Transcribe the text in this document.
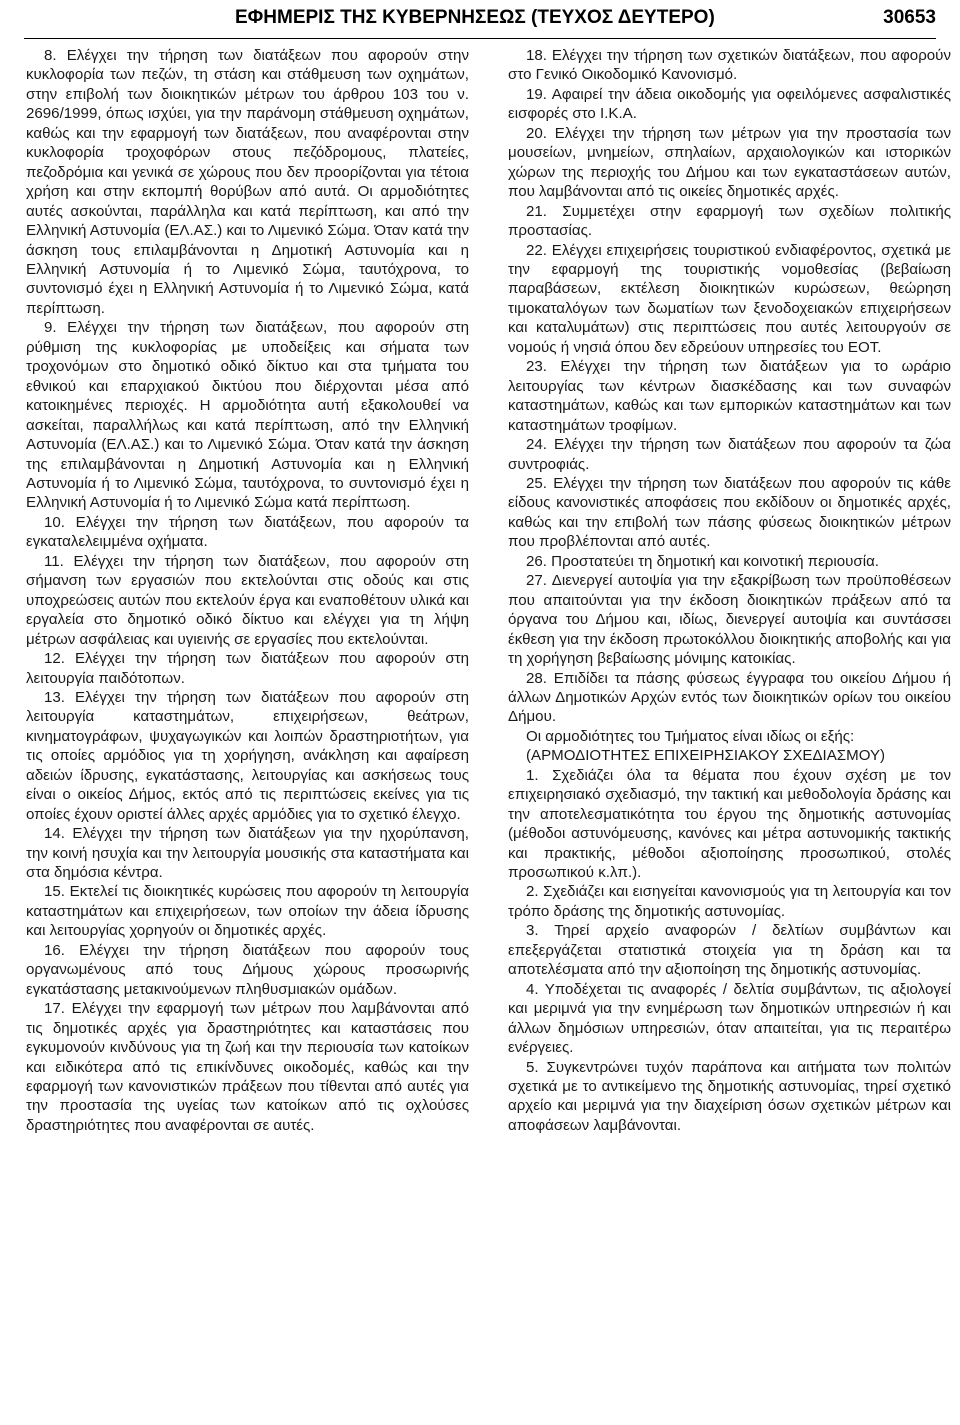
ΕΦΗΜΕΡΙΣ ΤΗΣ ΚΥΒΕΡΝΗΣΕΩΣ (ΤΕΥΧΟΣ ΔΕΥΤΕΡΟ)	30653

8. Ελέγχει την τήρηση των διατάξεων που αφορούν στην κυκλοφορία των πεζών, τη στάση και στάθμευση των οχημάτων, στην επιβολή των διοικητικών μέτρων του άρθρου 103 του ν. 2696/1999, όπως ισχύει, για την παράνομη στάθμευση οχημάτων, καθώς και την εφαρμογή των διατάξεων, που αναφέρονται στην κυκλοφορία τροχοφόρων στους πεζόδρομους, πλατείες, πεζοδρόμια και γενικά σε χώρους που δεν προορίζονται για τέτοια χρήση και στην εκπομπή θορύβων από αυτά. Οι αρμοδιότητες αυτές ασκούνται, παράλληλα και κατά περίπτωση, και από την Ελληνική Αστυνομία (ΕΛ.ΑΣ.) και το Λιμενικό Σώμα. Όταν κατά την άσκηση τους επιλαμβάνονται η Δημοτική Αστυνομία και η Ελληνική Αστυνομία ή το Λιμενικό Σώμα, ταυτόχρονα, το συντονισμό έχει η Ελληνική Αστυνομία ή το Λιμενικό Σώμα, κατά περίπτωση.

9. Ελέγχει την τήρηση των διατάξεων, που αφορούν στη ρύθμιση της κυκλοφορίας με υποδείξεις και σήματα των τροχονόμων στο δημοτικό οδικό δίκτυο και στα τμήματα του εθνικού και επαρχιακού δικτύου που διέρχονται μέσα από κατοικημένες περιοχές. Η αρμοδιότητα αυτή εξακολουθεί να ασκείται, παραλλήλως και κατά περίπτωση, από την Ελληνική Αστυνομία (ΕΛ.ΑΣ.) και το Λιμενικό Σώμα. Όταν κατά την άσκηση της επιλαμβάνονται η Δημοτική Αστυνομία και η Ελληνική Αστυνομία ή το Λιμενικό Σώμα, ταυτόχρονα, το συντονισμό έχει η Ελληνική Αστυνομία ή το Λιμενικό Σώμα κατά περίπτωση.

10. Ελέγχει την τήρηση των διατάξεων, που αφορούν τα εγκαταλελειμμένα οχήματα.

11. Ελέγχει την τήρηση των διατάξεων, που αφορούν στη σήμανση των εργασιών που εκτελούνται στις οδούς και στις υποχρεώσεις αυτών που εκτελούν έργα και εναποθέτουν υλικά και εργαλεία στο δημοτικό οδικό δίκτυο και ελέγχει για τη λήψη μέτρων ασφάλειας και υγιεινής σε εργασίες που εκτελούνται.

12. Ελέγχει την τήρηση των διατάξεων που αφορούν στη λειτουργία παιδότοπων.

13. Ελέγχει την τήρηση των διατάξεων που αφορούν στη λειτουργία καταστημάτων, επιχειρήσεων, θεάτρων, κινηματογράφων, ψυχαγωγικών και λοιπών δραστηριοτήτων, για τις οποίες αρμόδιος για τη χορήγηση, ανάκληση και αφαίρεση αδειών ίδρυσης, εγκατάστασης, λειτουργίας και ασκήσεως τους είναι ο οικείος Δήμος, εκτός από τις περιπτώσεις εκείνες για τις οποίες έχουν οριστεί άλλες αρχές αρμόδιες για το σχετικό έλεγχο.

14. Ελέγχει την τήρηση των διατάξεων για την ηχορύπανση, την κοινή ησυχία και την λειτουργία μουσικής στα καταστήματα και στα δημόσια κέντρα.

15. Εκτελεί τις διοικητικές κυρώσεις που αφορούν τη λειτουργία καταστημάτων και επιχειρήσεων, των οποίων την άδεια ίδρυσης και λειτουργίας χορηγούν οι δημοτικές αρχές.

16. Ελέγχει την τήρηση διατάξεων που αφορούν τους οργανωμένους από τους Δήμους χώρους προσωρινής εγκατάστασης μετακινούμενων πληθυσμιακών ομάδων.

17. Ελέγχει την εφαρμογή των μέτρων που λαμβάνονται από τις δημοτικές αρχές για δραστηριότητες και καταστάσεις που εγκυμονούν κινδύνους για τη ζωή και την περιουσία των κατοίκων και ειδικότερα από τις επικίνδυνες οικοδομές, καθώς και την εφαρμογή των κανονιστικών πράξεων που τίθενται από αυτές για την προστασία της υγείας των κατοίκων από τις οχλούσες δραστηριότητες που αναφέρονται σε αυτές.

18. Ελέγχει την τήρηση των σχετικών διατάξεων, που αφορούν στο Γενικό Οικοδομικό Κανονισμό.

19. Αφαιρεί την άδεια οικοδομής για οφειλόμενες ασφαλιστικές εισφορές στο Ι.Κ.Α.

20. Ελέγχει την τήρηση των μέτρων για την προστασία των μουσείων, μνημείων, σπηλαίων, αρχαιολογικών και ιστορικών χώρων της περιοχής του Δήμου και των εγκαταστάσεων αυτών, που λαμβάνονται από τις οικείες δημοτικές αρχές.

21. Συμμετέχει στην εφαρμογή των σχεδίων πολιτικής προστασίας.

22. Ελέγχει επιχειρήσεις τουριστικού ενδιαφέροντος, σχετικά με την εφαρμογή της τουριστικής νομοθεσίας (βεβαίωση παραβάσεων, εκτέλεση διοικητικών κυρώσεων, θεώρηση τιμοκαταλόγων των δωματίων των ξενοδοχειακών επιχειρήσεων και καταλυμάτων) στις περιπτώσεις που αυτές λειτουργούν σε νομούς ή νησιά όπου δεν εδρεύουν υπηρεσίες του ΕΟΤ.

23. Ελέγχει την τήρηση των διατάξεων για το ωράριο λειτουργίας των κέντρων διασκέδασης και των συναφών καταστημάτων, καθώς και των εμπορικών καταστημάτων και των καταστημάτων τροφίμων.

24. Ελέγχει την τήρηση των διατάξεων που αφορούν τα ζώα συντροφιάς.

25. Ελέγχει την τήρηση των διατάξεων που αφορούν τις κάθε είδους κανονιστικές αποφάσεις που εκδίδουν οι δημοτικές αρχές, καθώς και την επιβολή των πάσης φύσεως διοικητικών μέτρων που προβλέπονται από αυτές.

26. Προστατεύει τη δημοτική και κοινοτική περιουσία.

27. Διενεργεί αυτοψία για την εξακρίβωση των προϋποθέσεων που απαιτούνται για την έκδοση διοικητικών πράξεων από τα όργανα του Δήμου και, ιδίως, διενεργεί αυτοψία και συντάσσει έκθεση για την έκδοση πρωτοκόλλου διοικητικής αποβολής και για τη χορήγηση βεβαίωσης μόνιμης κατοικίας.

28. Επιδίδει τα πάσης φύσεως έγγραφα του οικείου Δήμου ή άλλων Δημοτικών Αρχών εντός των διοικητικών ορίων του οικείου Δήμου.

Οι αρμοδιότητες του Τμήματος είναι ιδίως οι εξής:

(ΑΡΜΟΔΙΟΤΗΤΕΣ ΕΠΙΧΕΙΡΗΣΙΑΚΟΥ ΣΧΕΔΙΑΣΜΟΥ)

1. Σχεδιάζει όλα τα θέματα που έχουν σχέση με τον επιχειρησιακό σχεδιασμό, την τακτική και μεθοδολογία δράσης και την αποτελεσματικότητα του έργου της δημοτικής αστυνομίας (μέθοδοι αστυνόμευσης, κανόνες και μέτρα αστυνομικής τακτικής και πρακτικής, μέθοδοι αξιοποίησης προσωπικού, στολές προσωπικού κ.λπ.).

2. Σχεδιάζει και εισηγείται κανονισμούς για τη λειτουργία και τον τρόπο δράσης της δημοτικής αστυνομίας.

3. Τηρεί αρχείο αναφορών / δελτίων συμβάντων και επεξεργάζεται στατιστικά στοιχεία για τη δράση και τα αποτελέσματα από την αξιοποίηση της δημοτικής αστυνομίας.

4. Υποδέχεται τις αναφορές / δελτία συμβάντων, τις αξιολογεί και μεριμνά για την ενημέρωση των δημοτικών υπηρεσιών ή και άλλων δημόσιων υπηρεσιών, όταν απαιτείται, για τις περαιτέρω ενέργειες.

5. Συγκεντρώνει τυχόν παράπονα και αιτήματα των πολιτών σχετικά με το αντικείμενο της δημοτικής αστυνομίας, τηρεί σχετικό αρχείο και μεριμνά για την διαχείριση όσων σχετικών μέτρων και αποφάσεων λαμβάνονται.
